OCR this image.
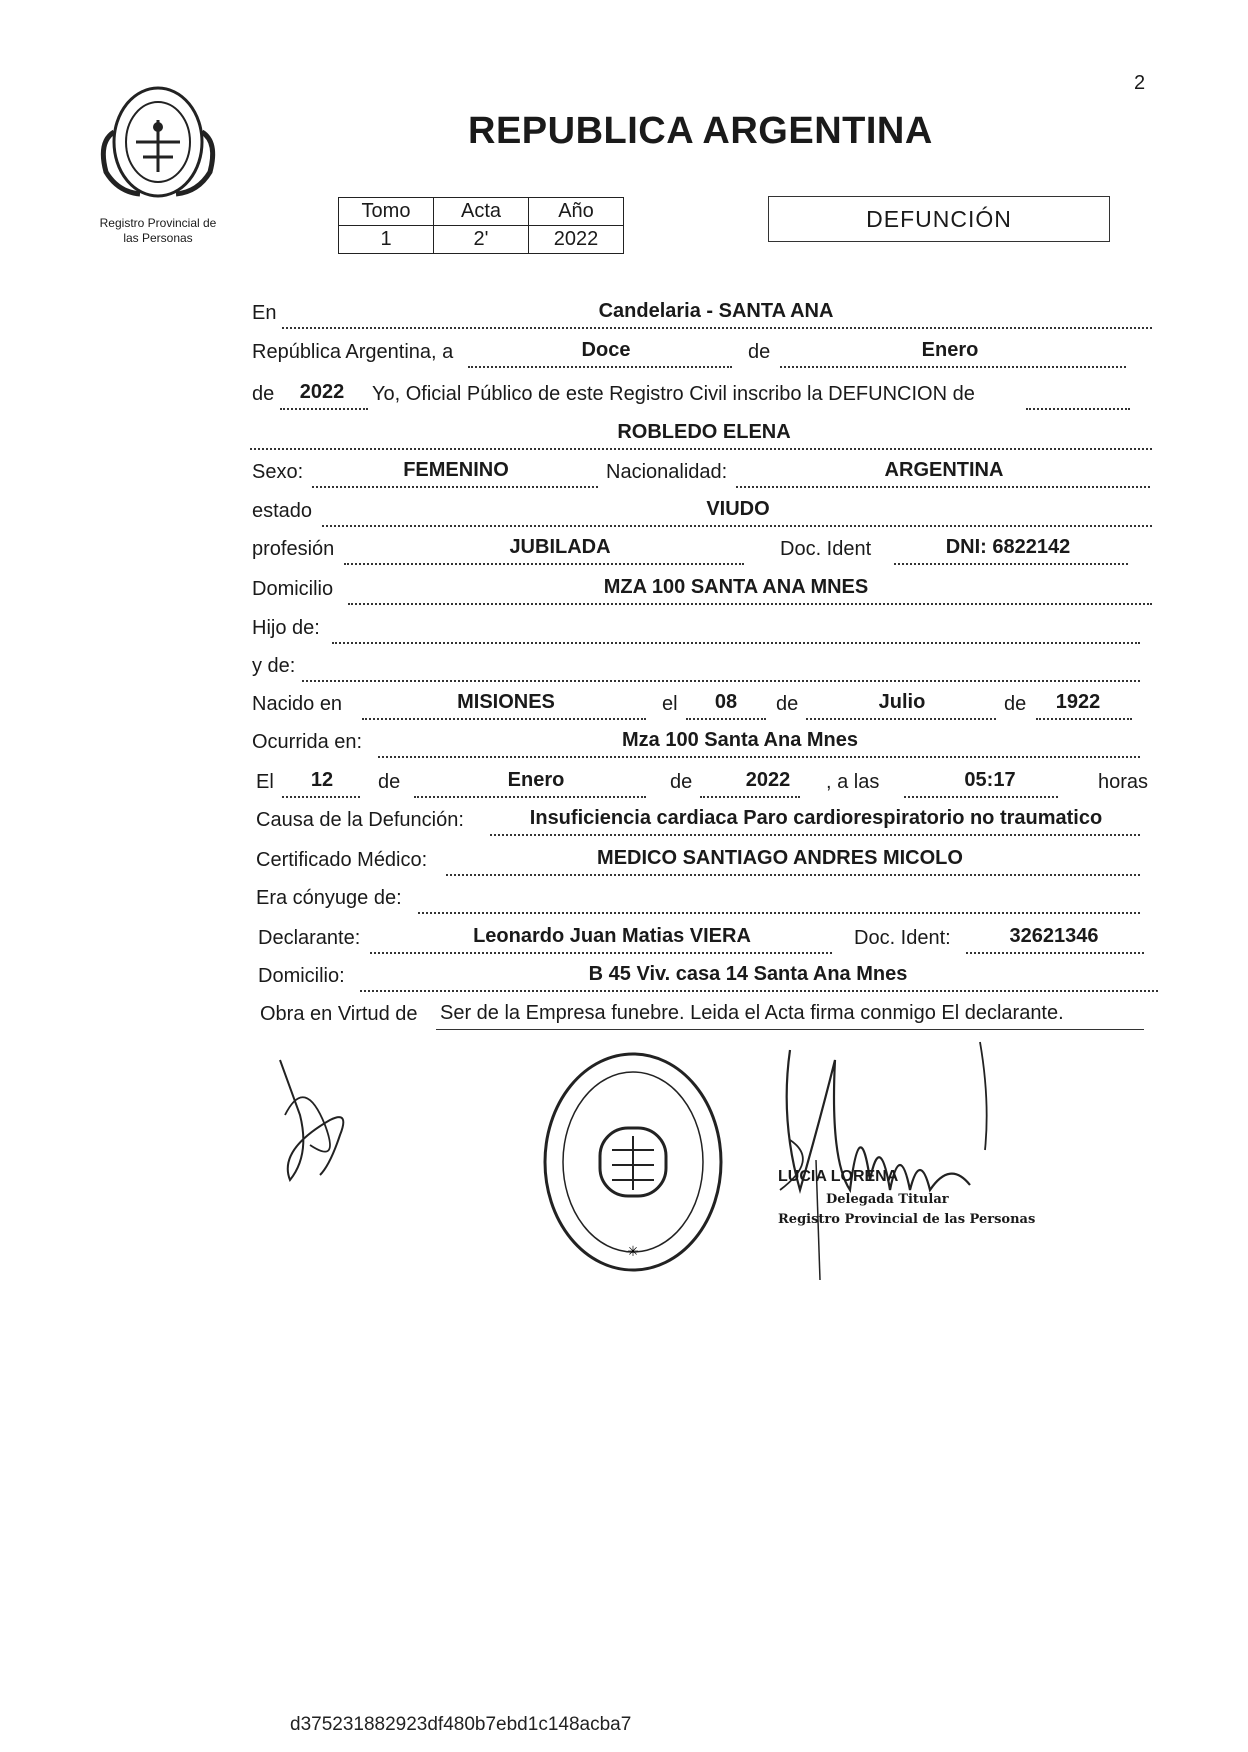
2
Registro Provincial de
las Personas
REPUBLICA ARGENTINA
Tomo	Acta	Año
1	2'	2022
DEFUNCIÓN
En	Candelaria - SANTA ANA
República Argentina, a	Doce	de	Enero
de 2022 Yo, Oficial Público de este Registro Civil inscribo la DEFUNCION de
ROBLEDO ELENA
Sexo:	FEMENINO	Nacionalidad:	ARGENTINA
estado	VIUDO
profesión	JUBILADA	Doc. Ident	DNI: 6822142
Domicilio	MZA 100 SANTA ANA MNES
Hijo de:
y de:
Nacido en	MISIONES	el 08 de	Julio	de 1922
Ocurrida en:	Mza 100 Santa Ana Mnes
El 12 de	Enero	de	2022 , a las	05:17	horas
Causa de la Defunción:	Insuficiencia cardiaca Paro cardiorespiratorio no traumatico
Certificado Médico:	MEDICO SANTIAGO ANDRES MICOLO
Era cónyuge de:
Declarante:	Leonardo Juan Matias VIERA	Doc. Ident:	32621346
Domicilio:	B 45 Viv. casa 14 Santa Ana Mnes
Obra en Virtud de Ser de la Empresa funebre. Leida el Acta firma conmigo El declarante.
✳
LUCIA LORENA
Delegada Titular
Registro Provincial de las Personas
d375231882923df480b7ebd1c148acba7
